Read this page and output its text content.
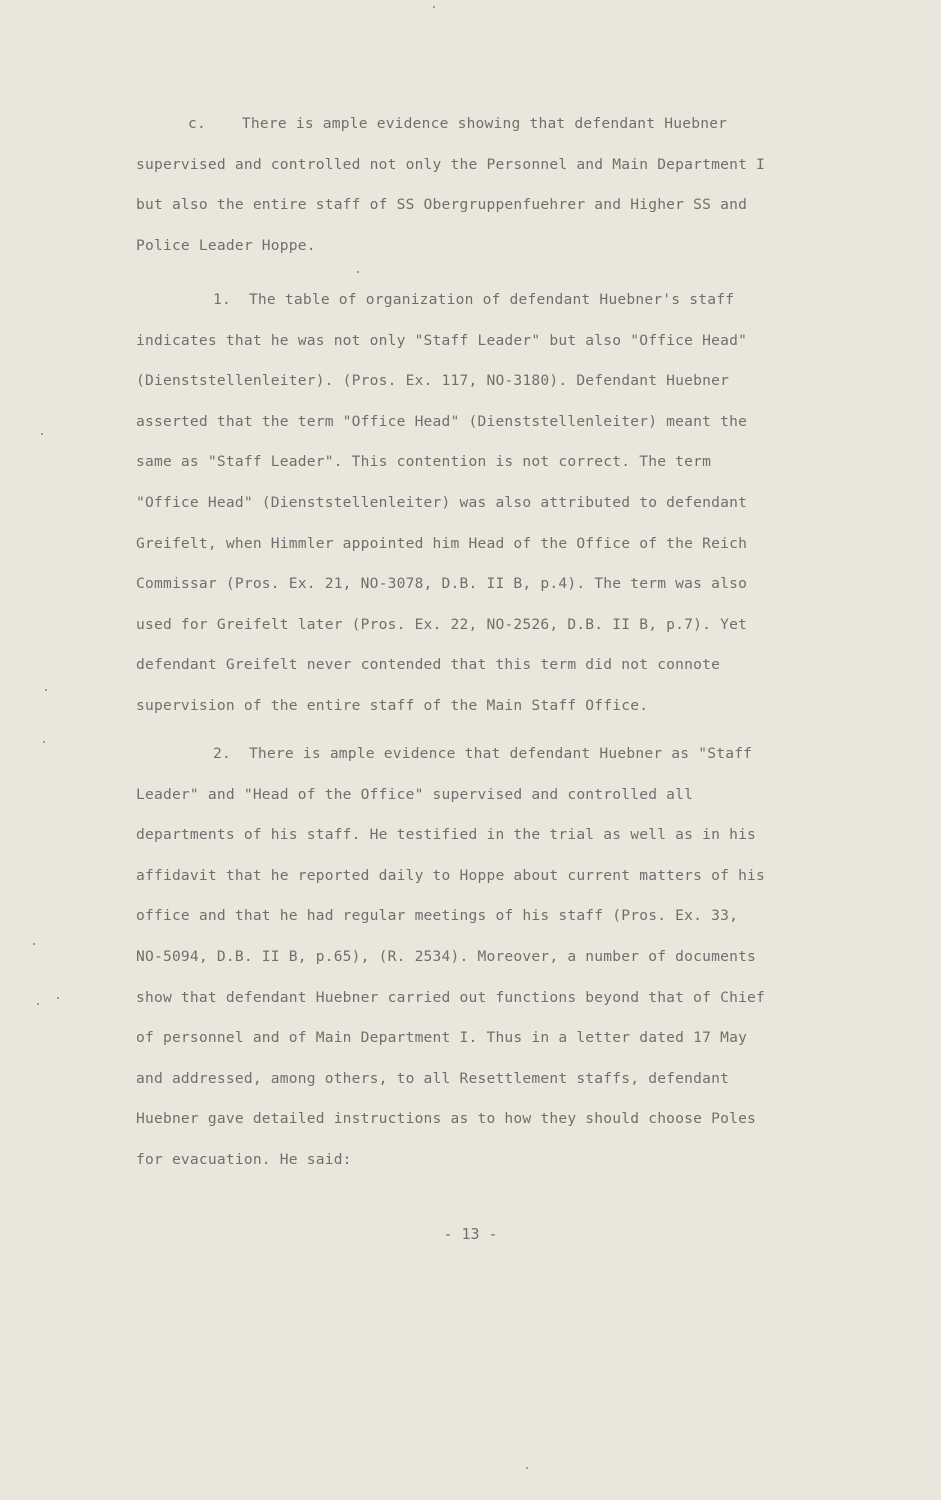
c.    There is ample evidence showing that defendant Huebner
supervised and controlled not only the Personnel and Main Department I
but also the entire staff of SS Obergruppenfuehrer and Higher SS and
Police Leader Hoppe.
1.  The table of organization of defendant Huebner's staff
indicates that he was not only "Staff Leader" but also "Office Head"
(Dienststellenleiter). (Pros. Ex. 117, NO-3180). Defendant Huebner
asserted that the term "Office Head" (Dienststellenleiter) meant the
same as "Staff Leader". This contention is not correct. The term
"Office Head" (Dienststellenleiter) was also attributed to defendant
Greifelt, when Himmler appointed him Head of the Office of the Reich
Commissar (Pros. Ex. 21, NO-3078, D.B. II B, p.4). The term was also
used for Greifelt later (Pros. Ex. 22, NO-2526, D.B. II B, p.7). Yet
defendant Greifelt never contended that this term did not connote
supervision of the entire staff of the Main Staff Office.
2.  There is ample evidence that defendant Huebner as "Staff
Leader" and "Head of the Office" supervised and controlled all
departments of his staff. He testified in the trial as well as in his
affidavit that he reported daily to Hoppe about current matters of his
office and that he had regular meetings of his staff (Pros. Ex. 33,
NO-5094, D.B. II B, p.65), (R. 2534). Moreover, a number of documents
show that defendant Huebner carried out functions beyond that of Chief
of personnel and of Main Department I. Thus in a letter dated 17 May
and addressed, among others, to all Resettlement staffs, defendant
Huebner gave detailed instructions as to how they should choose Poles
for evacuation. He said:
- 13 -
